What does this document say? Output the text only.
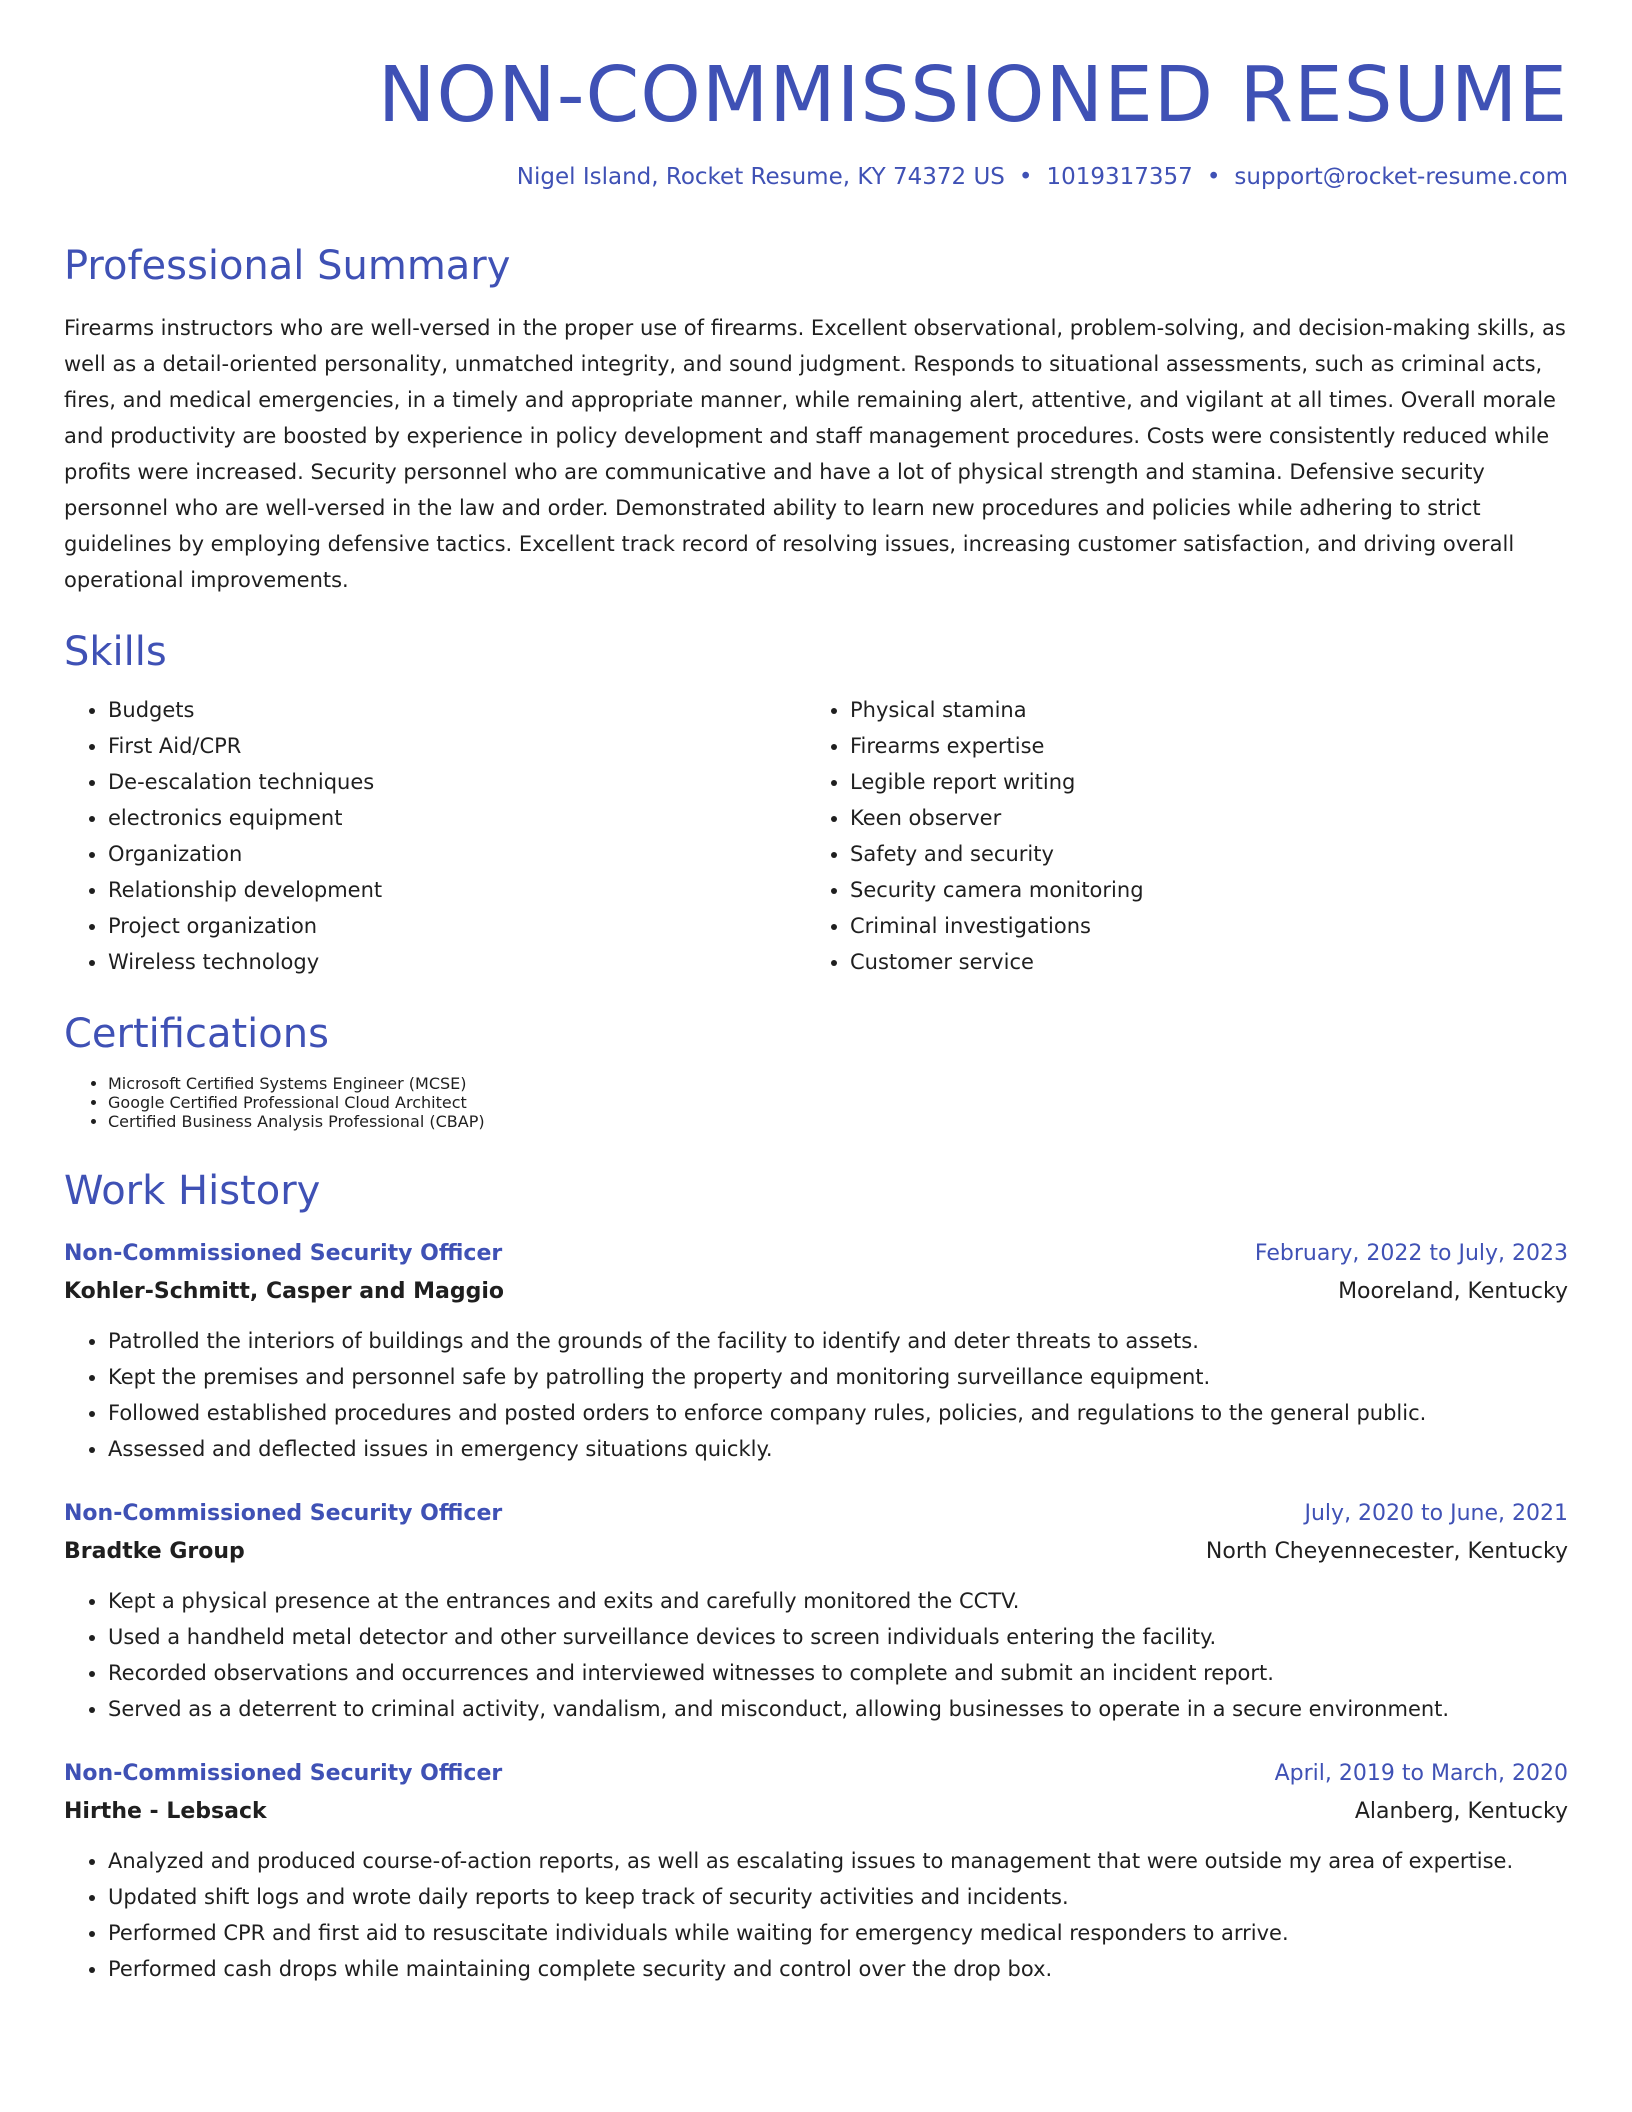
NON-COMMISSIONED RESUME
Nigel Island, Rocket Resume, KY 74372 US • 1019317357 • support@rocket-resume.com
Professional Summary

Firearms instructors who are well-versed in the proper use of firearms. Excellent observational, problem-solving, and decision-making skills, as well as a detail-oriented personality, unmatched integrity, and sound judgment. Responds to situational assessments, such as criminal acts, fires, and medical emergencies, in a timely and appropriate manner, while remaining alert, attentive, and vigilant at all times. Overall morale and productivity are boosted by experience in policy development and staff management procedures. Costs were consistently reduced while profits were increased. Security personnel who are communicative and have a lot of physical strength and stamina. Defensive security personnel who are well-versed in the law and order. Demonstrated ability to learn new procedures and policies while adhering to strict guidelines by employing defensive tactics. Excellent track record of resolving issues, increasing customer satisfaction, and driving overall operational improvements.

Skills
• Budgets
• First Aid/CPR
• De-escalation techniques
• electronics equipment
• Organization
• Relationship development
• Project organization
• Wireless technology
• Physical stamina
• Firearms expertise
• Legible report writing
• Keen observer
• Safety and security
• Security camera monitoring
• Criminal investigations
• Customer service
Certifications
• Microsoft Certified Systems Engineer (MCSE)
• Google Certified Professional Cloud Architect
• Certified Business Analysis Professional (CBAP)
Work History
Non-Commissioned Security Officer	February, 2022 to July, 2023
Kohler-Schmitt, Casper and Maggio	Mooreland, Kentucky
• Patrolled the interiors of buildings and the grounds of the facility to identify and deter threats to assets.
• Kept the premises and personnel safe by patrolling the property and monitoring surveillance equipment.
• Followed established procedures and posted orders to enforce company rules, policies, and regulations to the general public.
• Assessed and deflected issues in emergency situations quickly.
Non-Commissioned Security Officer	July, 2020 to June, 2021
Bradtke Group	North Cheyennecester, Kentucky
• Kept a physical presence at the entrances and exits and carefully monitored the CCTV.
• Used a handheld metal detector and other surveillance devices to screen individuals entering the facility.
• Recorded observations and occurrences and interviewed witnesses to complete and submit an incident report.
• Served as a deterrent to criminal activity, vandalism, and misconduct, allowing businesses to operate in a secure environment.
Non-Commissioned Security Officer	April, 2019 to March, 2020
Hirthe - Lebsack	Alanberg, Kentucky
• Analyzed and produced course-of-action reports, as well as escalating issues to management that were outside my area of expertise.
• Updated shift logs and wrote daily reports to keep track of security activities and incidents.
• Performed CPR and first aid to resuscitate individuals while waiting for emergency medical responders to arrive.
• Performed cash drops while maintaining complete security and control over the drop box.
